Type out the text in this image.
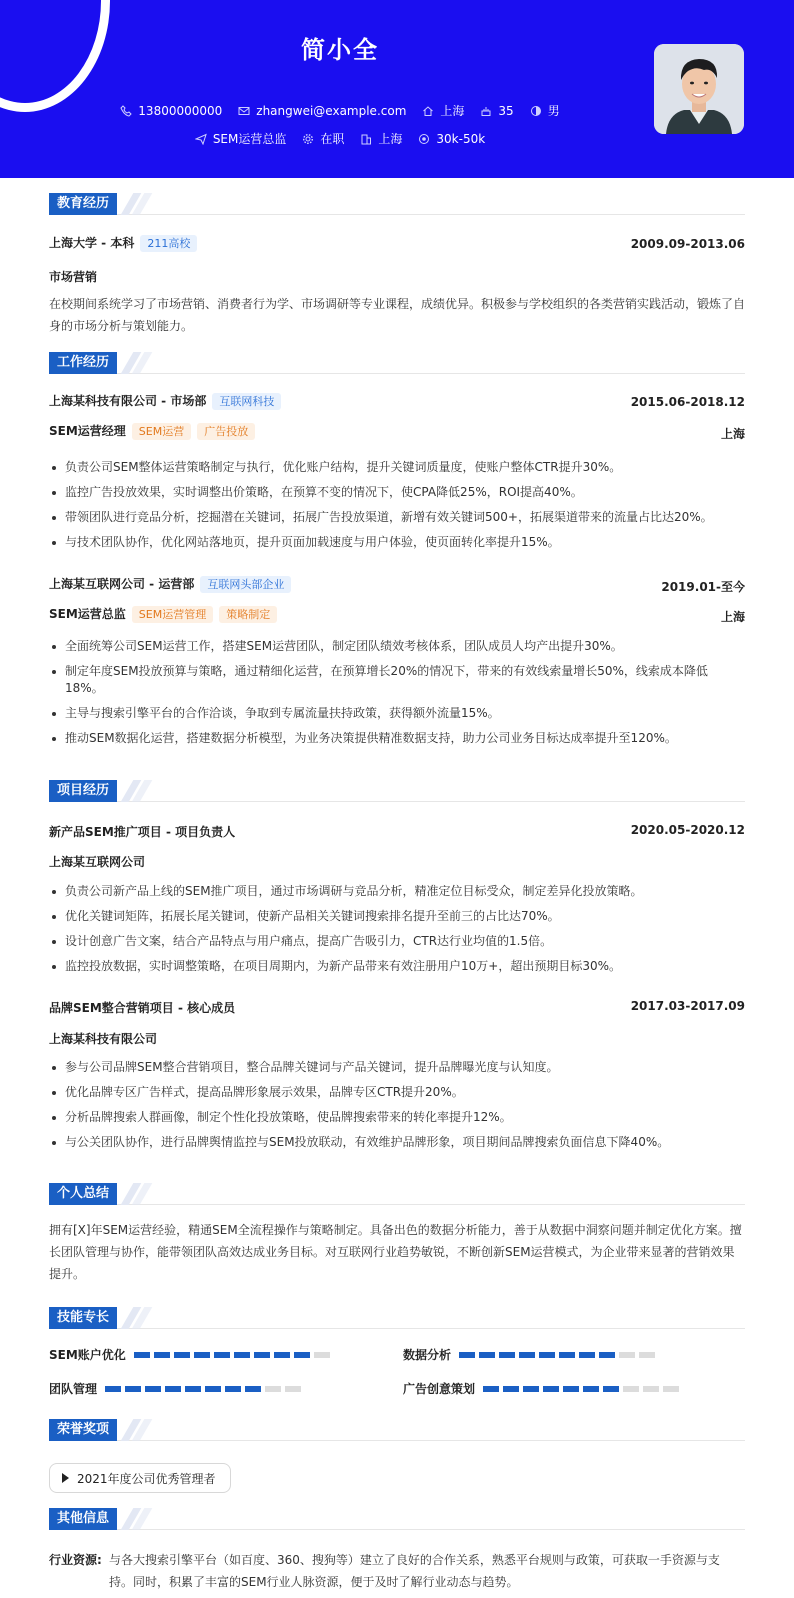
简小全
13800000000	zhangwei@example.com	上海	35	男
SEM运营总监	在职	上海	30k-50k
教育经历
上海大学 - 本科 211高校	2009.09-2013.06
市场营销
在校期间系统学习了市场营销、消费者行为学、市场调研等专业课程，成绩优异。积极参与学校组织的各类营销实践活动，锻炼了自身的市场分析与策划能力。
工作经历
上海某科技有限公司 - 市场部 互联网科技	2015.06-2018.12
SEM运营经理 SEM运营 广告投放	上海
负责公司SEM整体运营策略制定与执行，优化账户结构，提升关键词质量度，使账户整体CTR提升30%。
监控广告投放效果，实时调整出价策略，在预算不变的情况下，使CPA降低25%，ROI提高40%。
带领团队进行竞品分析，挖掘潜在关键词，拓展广告投放渠道，新增有效关键词500+，拓展渠道带来的流量占比达20%。
与技术团队协作，优化网站落地页，提升页面加载速度与用户体验，使页面转化率提升15%。
上海某互联网公司 - 运营部 互联网头部企业	2019.01-至今
SEM运营总监 SEM运营管理 策略制定	上海
全面统筹公司SEM运营工作，搭建SEM运营团队，制定团队绩效考核体系，团队成员人均产出提升30%。
制定年度SEM投放预算与策略，通过精细化运营，在预算增长20%的情况下，带来的有效线索量增长50%，线索成本降低18%。
主导与搜索引擎平台的合作洽谈，争取到专属流量扶持政策，获得额外流量15%。
推动SEM数据化运营，搭建数据分析模型，为业务决策提供精准数据支持，助力公司业务目标达成率提升至120%。
项目经历
新产品SEM推广项目 - 项目负责人	2020.05-2020.12
上海某互联网公司
负责公司新产品上线的SEM推广项目，通过市场调研与竞品分析，精准定位目标受众，制定差异化投放策略。
优化关键词矩阵，拓展长尾关键词，使新产品相关关键词搜索排名提升至前三的占比达70%。
设计创意广告文案，结合产品特点与用户痛点，提高广告吸引力，CTR达行业均值的1.5倍。
监控投放数据，实时调整策略，在项目周期内，为新产品带来有效注册用户10万+，超出预期目标30%。
品牌SEM整合营销项目 - 核心成员	2017.03-2017.09
上海某科技有限公司
参与公司品牌SEM整合营销项目，整合品牌关键词与产品关键词，提升品牌曝光度与认知度。
优化品牌专区广告样式，提高品牌形象展示效果，品牌专区CTR提升20%。
分析品牌搜索人群画像，制定个性化投放策略，使品牌搜索带来的转化率提升12%。
与公关团队协作，进行品牌舆情监控与SEM投放联动，有效维护品牌形象，项目期间品牌搜索负面信息下降40%。
个人总结
拥有[X]年SEM运营经验，精通SEM全流程操作与策略制定。具备出色的数据分析能力，善于从数据中洞察问题并制定优化方案。擅长团队管理与协作，能带领团队高效达成业务目标。对互联网行业趋势敏锐，不断创新SEM运营模式，为企业带来显著的营销效果提升。
技能专长
SEM账户优化	数据分析
团队管理	广告创意策划
荣誉奖项
2021年度公司优秀管理者
其他信息
行业资源: 与各大搜索引擎平台（如百度、360、搜狗等）建立了良好的合作关系，熟悉平台规则与政策，可获取一手资源与支持。同时，积累了丰富的SEM行业人脉资源，便于及时了解行业动态与趋势。
